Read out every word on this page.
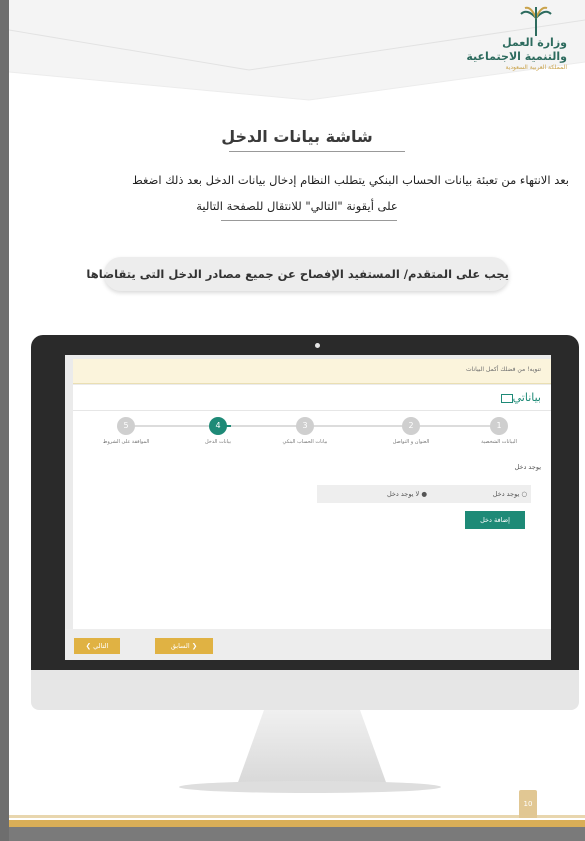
وزارة العمل
والتنمية الاجتماعية
المملكة العربية السعودية
شاشة بيانات الدخل
بعد الانتهاء من تعبئة بيانات الحساب البنكي يتطلب النظام إدخال بيانات الدخل بعد ذلك اضغط
على أيقونة "التالي" للانتقال للصفحة التالية
يجب على المتقدم/ المستفيد الإفصاح عن جميع مصادر الدخل التى يتقاضاها
تنويه! من فضلك أكمل البيانات
بياناتي
1
2
3
4
5
البيانات الشخصية
العنوان و التواصل
بيانات الحساب البنكي
بيانات الدخل
الموافقة على الشروط
يوجد دخل
○ يوجد دخل
● لا يوجد دخل
إضافة دخل
التالي ❯	❮ السابق
10
